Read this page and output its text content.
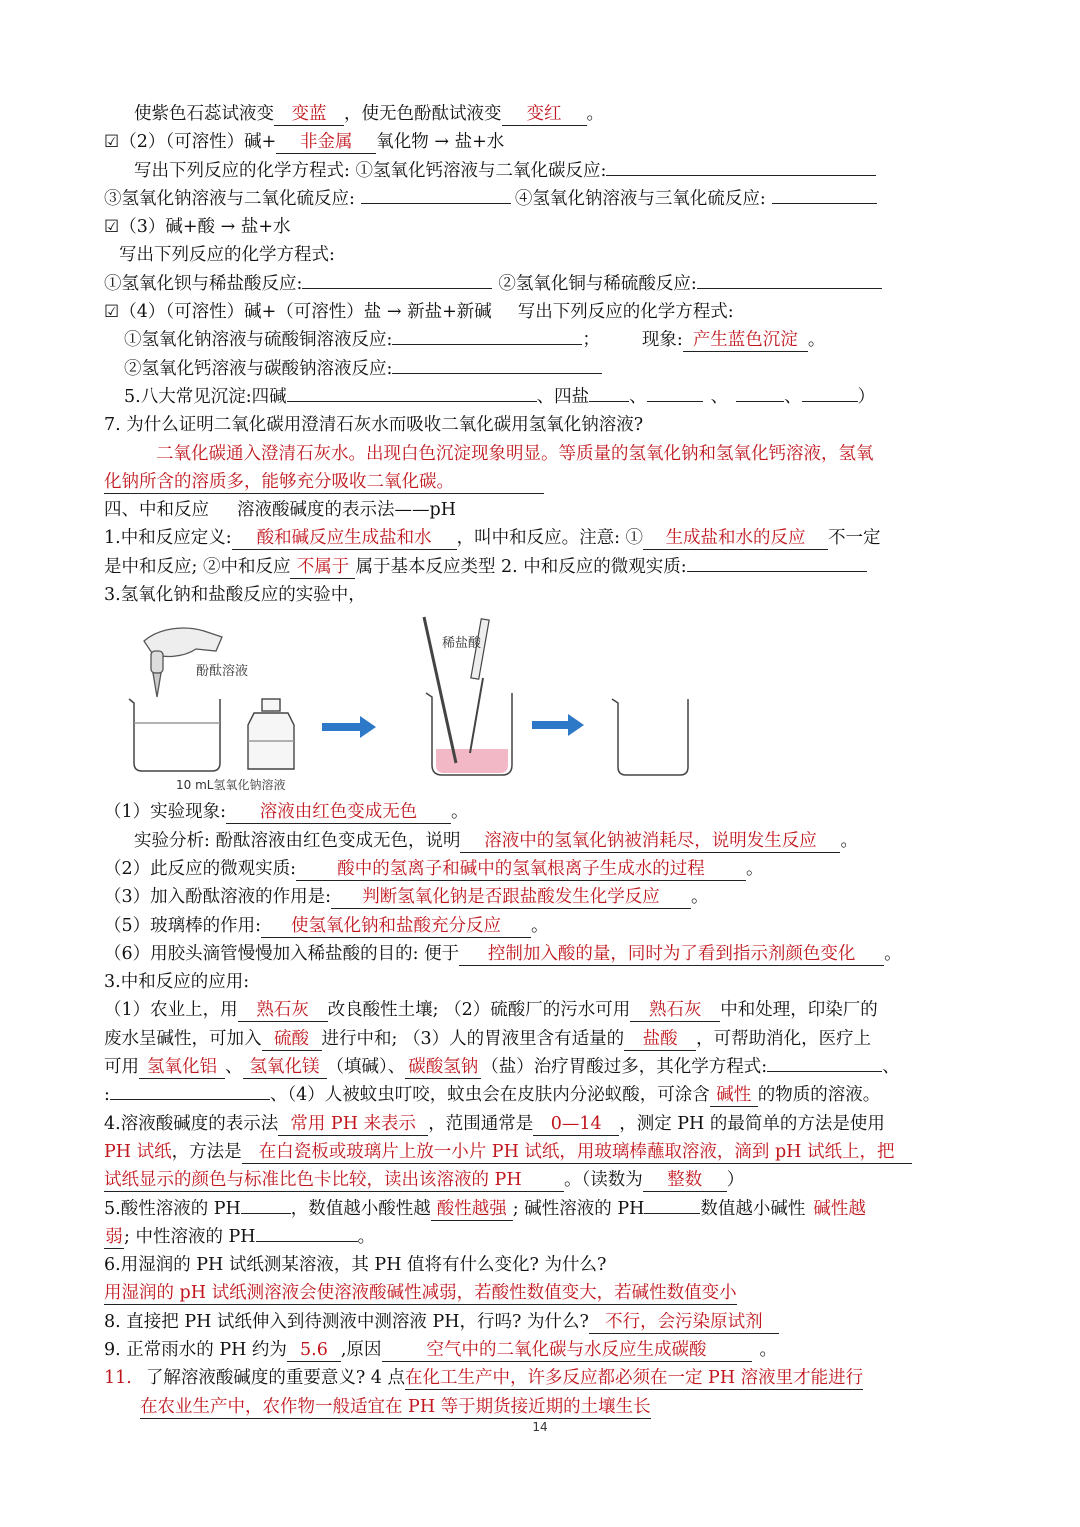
使紫色石蕊试液变 变蓝 ，使无色酚酞试液变 变红 。
☑（2）（可溶性）碱+ 非金属 氧化物 → 盐+水
写出下列反应的化学方程式: ①氢氧化钙溶液与二氧化碳反应:
③氢氧化钠溶液与二氧化硫反应:	④氢氧化钠溶液与三氧化硫反应:
☑（3）碱+酸 → 盐+水
写出下列反应的化学方程式:
①氢氧化钡与稀盐酸反应:	②氢氧化铜与稀硫酸反应:
☑（4）（可溶性）碱+（可溶性）盐 → 新盐+新碱 写出下列反应的化学方程式:
①氢氧化钠溶液与硫酸铜溶液反应:	； 现象: 产生蓝色沉淀 。
②氢氧化钙溶液与碳酸钠溶液反应:
5.八大常见沉淀:四碱	、四盐 、	、	、	）
7. 为什么证明二氧化碳用澄清石灰水而吸收二氧化碳用氢氧化钠溶液?
二氧化碳通入澄清石灰水。出现白色沉淀现象明显。等质量的氢氧化钠和氢氧化钙溶液，氢氧
化钠所含的溶质多，能够充分吸收二氧化碳。
四、中和反应 溶液酸碱度的表示法——pH
1.中和反应定义: 酸和碱反应生成盐和水 ，叫中和反应。注意: ① 生成盐和水的反应 不一定
是中和反应; ②中和反应 不属于 属于基本反应类型 2. 中和反应的微观实质:
3.氢氧化钠和盐酸反应的实验中，
酚酞溶液
10 mL氢氧化钠溶液
稀盐酸
（1）实验现象: 溶液由红色变成无色 。
实验分析: 酚酞溶液由红色变成无色，说明 溶液中的氢氧化钠被消耗尽，说明发生反应 。
（2）此反应的微观实质: 酸中的氢离子和碱中的氢氧根离子生成水的过程 。
（3）加入酚酞溶液的作用是: 判断氢氧化钠是否跟盐酸发生化学反应 。
（5）玻璃棒的作用: 使氢氧化钠和盐酸充分反应 。
（6）用胶头滴管慢慢加入稀盐酸的目的: 便于 控制加入酸的量，同时为了看到指示剂颜色变化 。
3.中和反应的应用:
（1）农业上，用 熟石灰 改良酸性土壤; （2）硫酸厂的污水可用 熟石灰 中和处理，印染厂的
废水呈碱性，可加入 硫酸 进行中和; （3）人的胃液里含有适量的 盐酸 ，可帮助消化，医疗上
可用 氢氧化铝 、 氢氧化镁 （填碱）、 碳酸氢钠 （盐）治疗胃酸过多，其化学方程式:	、
:	、（4）人被蚊虫叮咬，蚊虫会在皮肤内分泌蚁酸，可涂含 碱性 的物质的溶液。
4.溶液酸碱度的表示法 常用 PH 来表示 ，范围通常是 0—14 ，测定 PH 的最简单的方法是使用
PH 试纸，方法是 在白瓷板或玻璃片上放一小片 PH 试纸，用玻璃棒蘸取溶液，滴到 pH 试纸上，把
试纸显示的颜色与标准比色卡比较，读出该溶液的 PH 。（读数为 整数 ）
5.酸性溶液的 PH	，数值越小酸性越 酸性越强 ; 碱性溶液的 PH	数值越小碱性 碱性越
弱; 中性溶液的 PH	。
6.用湿润的 PH 试纸测某溶液，其 PH 值将有什么变化? 为什么?
用湿润的 pH 试纸测溶液会使溶液酸碱性减弱，若酸性数值变大，若碱性数值变小
8. 直接把 PH 试纸伸入到待测液中测溶液 PH，行吗? 为什么? 不行，会污染原试剂
9. 正常雨水的 PH 约为 5.6 ,原因	空气中的二氧化碳与水反应生成碳酸	。
11. 了解溶液酸碱度的重要意义? 4 点在化工生产中，许多反应都必须在一定 PH 溶液里才能进行
在农业生产中，农作物一般适宜在 PH 等于期货接近期的土壤生长
14
